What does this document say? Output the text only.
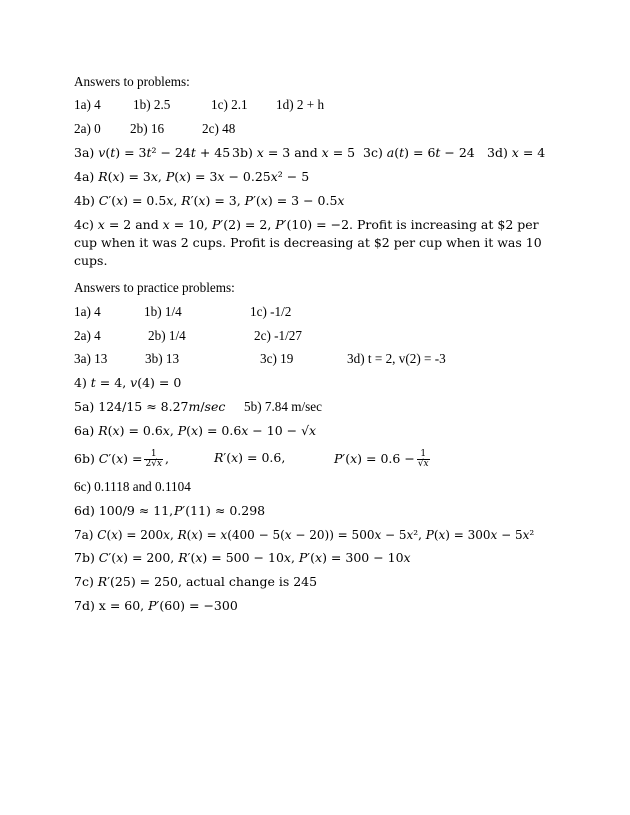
Answers to problems:
1a) 4 1b) 2.5	1c) 2.1 1d) 2 + h
2a) 0 2b) 16	2c) 48
3a) 𝑣(𝑡) = 3𝑡² − 24𝑡 + 45 3b) 𝑥 = 3 and 𝑥 = 5 3c) 𝑎(𝑡) = 6𝑡 − 24 3d) 𝑥 = 4
4a) 𝑅(𝑥) = 3𝑥, 𝑃(𝑥) = 3𝑥 − 0.25𝑥² − 5
4b) 𝐶′(𝑥) = 0.5𝑥, 𝑅′(𝑥) = 3, 𝑃′(𝑥) = 3 − 0.5𝑥
4c) 𝑥 = 2 and 𝑥 = 10, 𝑃′(2) = 2, 𝑃′(10) = −2. Profit is increasing at $2 per cup when it was 2 cups. Profit is decreasing at $2 per cup when it was 10 cups.
Answers to practice problems:
1a) 4	1b) 1/4	1c) -1/2
2a) 4	2b) 1/4	2c) -1/27
3a) 13	3b) 13	3c) 19	3d) t = 2, v(2) = -3
4) 𝑡 = 4, 𝑣(4) = 0
5a) 124/15 ≈ 8.27𝑚/𝑠𝑒𝑐 5b) 7.84 m/sec
6a) 𝑅(𝑥) = 0.6𝑥, 𝑃(𝑥) = 0.6𝑥 − 10 − √𝑥
6b) 𝐶′(𝑥) = $\frac{1}{\text{2√𝑥}}$ ,	𝑅′(𝑥) = 0.6,	𝑃′(𝑥) = $0.6 - \frac{1}{\text{√𝑥}}$
6c) 0.1118 and 0.1104
6d) 100/9 ≈ 11, 𝑃′(11) ≈ 0.298
7a) 𝐶(𝑥) = 200𝑥, 𝑅(𝑥) = 𝑥(400 − 5(𝑥 − 20)) = 500𝑥 − 5𝑥², 𝑃(𝑥) = 300𝑥 − 5𝑥²
7b) 𝐶′(𝑥) = 200, 𝑅′(𝑥) = 500 − 10𝑥, 𝑃′(𝑥) = 300 − 10𝑥
7c) 𝑅′(25) = 250, actual change is 245
7d) x = 60, 𝑃′(60) = −300
